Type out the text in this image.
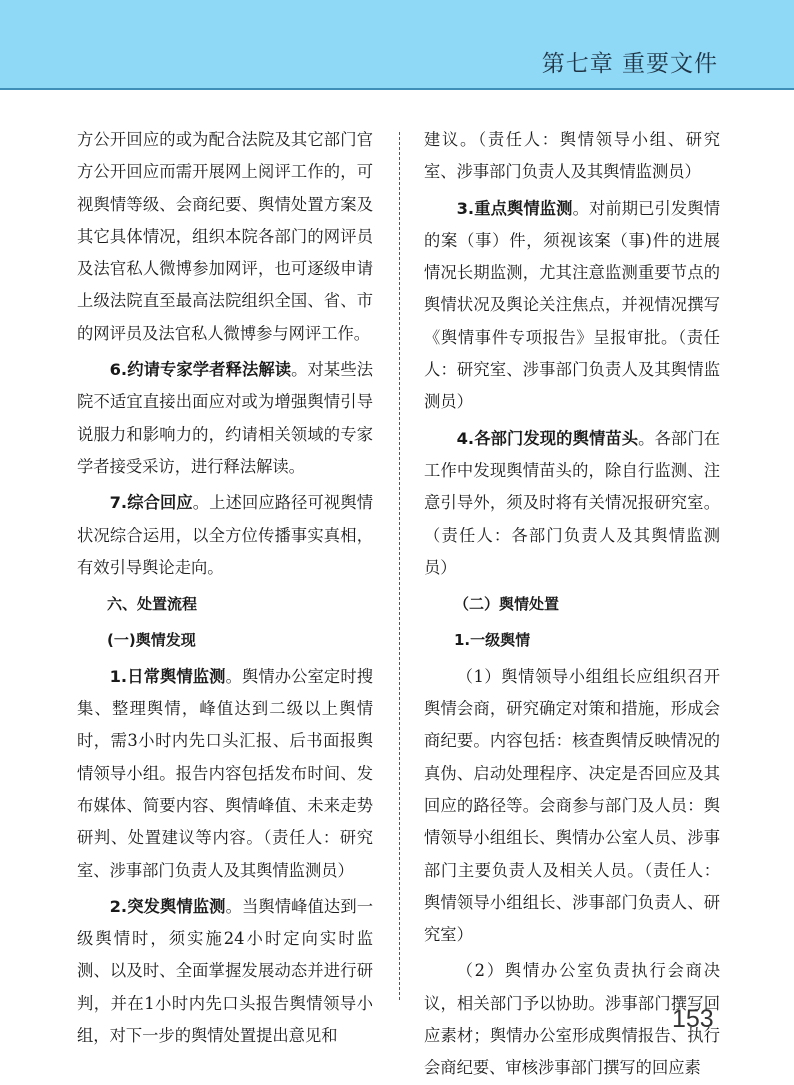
第七章 重要文件

方公开回应的或为配合法院及其它部门官方公开回应而需开展网上阅评工作的，可视舆情等级、会商纪要、舆情处置方案及其它具体情况，组织本院各部门的网评员及法官私人微博参加网评，也可逐级申请上级法院直至最高法院组织全国、省、市的网评员及法官私人微博参与网评工作。

6.约请专家学者释法解读。对某些法院不适宜直接出面应对或为增强舆情引导说服力和影响力的，约请相关领域的专家学者接受采访，进行释法解读。

7.综合回应。上述回应路径可视舆情状况综合运用，以全方位传播事实真相，有效引导舆论走向。

六、处置流程

(一)舆情发现

1.日常舆情监测。舆情办公室定时搜集、整理舆情，峰值达到二级以上舆情时，需3小时内先口头汇报、后书面报舆情领导小组。报告内容包括发布时间、发布媒体、简要内容、舆情峰值、未来走势研判、处置建议等内容。（责任人：研究室、涉事部门负责人及其舆情监测员）

2.突发舆情监测。当舆情峰值达到一级舆情时，须实施24小时定向实时监测、以及时、全面掌握发展动态并进行研判，并在1小时内先口头报告舆情领导小组，对下一步的舆情处置提出意见和

建议。（责任人：舆情领导小组、研究室、涉事部门负责人及其舆情监测员）

3.重点舆情监测。对前期已引发舆情的案（事）件，须视该案（事)件的进展情况长期监测，尤其注意监测重要节点的舆情状况及舆论关注焦点，并视情况撰写《舆情事件专项报告》呈报审批。（责任人：研究室、涉事部门负责人及其舆情监测员）

4.各部门发现的舆情苗头。各部门在工作中发现舆情苗头的，除自行监测、注意引导外，须及时将有关情况报研究室。（责任人：各部门负责人及其舆情监测员）

（二）舆情处置

1.一级舆情

（1）舆情领导小组组长应组织召开舆情会商，研究确定对策和措施，形成会商纪要。内容包括：核查舆情反映情况的真伪、启动处理程序、决定是否回应及其回应的路径等。会商参与部门及人员：舆情领导小组组长、舆情办公室人员、涉事部门主要负责人及相关人员。（责任人：舆情领导小组组长、涉事部门负责人、研究室）

（2）舆情办公室负责执行会商决议，相关部门予以协助。涉事部门撰写回应素材；舆情办公室形成舆情报告、执行会商纪要、审核涉事部门撰写的回应素

153
